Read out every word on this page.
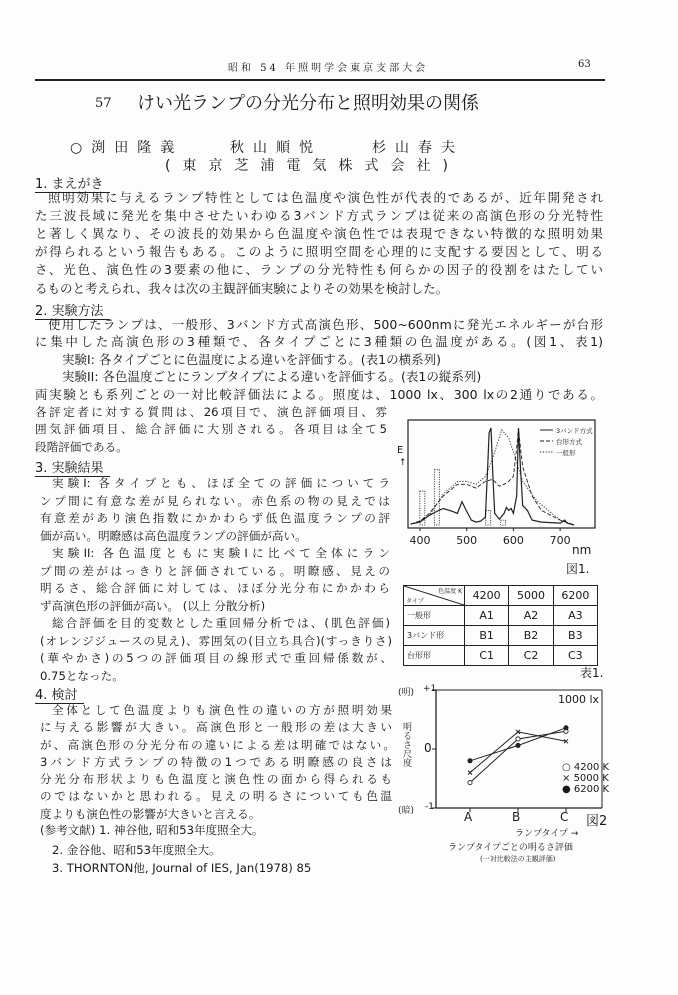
昭和 54 年照明学会東京支部大会	63
57 けい光ランプの分光分布と照明効果の関係
○渕田隆義	秋山順悦	杉山春夫
(東京芝浦電気株式会社)
1. まえがき
照明効果に与えるランプ特性としては色温度や演色性が代表的であるが、近年開発され
た三波長域に発光を集中させたいわゆる3バンド方式ランプは従来の高演色形の分光特性
と著しく異なり、その波長的効果から色温度や演色性では表現できない特徴的な照明効果
が得られるという報告もある。このように照明空間を心理的に支配する要因として、明る
さ、光色、演色性の3要素の他に、ランプの分光特性も何らかの因子的役割をはたしてい
るものと考えられ、我々は次の主観評価実験によりその効果を検討した。
2. 実験方法
使用したランプは、一般形、3バンド方式高演色形、500~600nmに発光エネルギーが台形
に集中した高演色形の3種類で、各タイプごとに3種類の色温度がある。(図1、表1)
実験I: 各タイプごとに色温度による違いを評価する。(表1の横系列)
実験II: 各色温度ごとにランプタイプによる違いを評価する。(表1の縦系列)
両実験とも系列ごとの一対比較評価法による。照度は、1000 lx、300 lxの2通りである。
各評定者に対する質問は、26項目で、演色評価項目、雰
囲気評価項目、総合評価に大別される。各項目は全て5
段階評価である。
3. 実験結果
実験I: 各タイプとも、ほぼ全ての評価についてラ
ンプ間に有意な差が見られない。赤色系の物の見えでは
有意差があり演色指数にかかわらず低色温度ランプの評
価が高い。明瞭感は高色温度ランプの評価が高い。
実験II: 各色温度ともに実験Iに比べて全体にラン
プ間の差がはっきりと評価されている。明瞭感、見えの
明るさ、総合評価に対しては、ほぼ分光分布にかかわら
ず高演色形の評価が高い。 (以上 分散分析)
総合評価を目的変数とした重回帰分析では、(肌色評価)
(オレンジジュースの見え)、雰囲気の(目立ち具合)(すっきりさ)
(華やかさ)の5つの評価項目の線形式で重回帰係数が、
0.75となった。
4. 検討
全体として色温度よりも演色性の違いの方が照明効果
に与える影響が大きい。高演色形と一般形の差は大きい
が、高演色形の分光分布の違いによる差は明確ではない。
3バンド方式ランプの特徴の1つである明瞭感の良さは
分光分布形状よりも色温度と演色性の面から得られるも
のではないかと思われる。見えの明るさについても色温
度よりも演色性の影響が大きいと言える。
(参考文献) 1. 神谷他, 昭和53年度照全大。
2. 金谷他、昭和53年度照全大。
3. THORNTON他, Journal of IES, Jan(1978) 85
色温度 K
タイプ	4200	5000	6200
一般形	A1	A2	A3
3バンド形	B1	B2	B3
台形形	C1	C2	C3
表1.
E
↑
nm
図1.
(明)
明るさ尺度
(暗)
+1
0
-1
1000 lx
A	B	C 図2
ランプタイプ →
ランプタイプごとの明るさ評価
(一対比較法の主観評価)
○ 4200 K
× 5000 K
● 6200 K
3バンド方式
台形方式
一般形
400 500 600 700
